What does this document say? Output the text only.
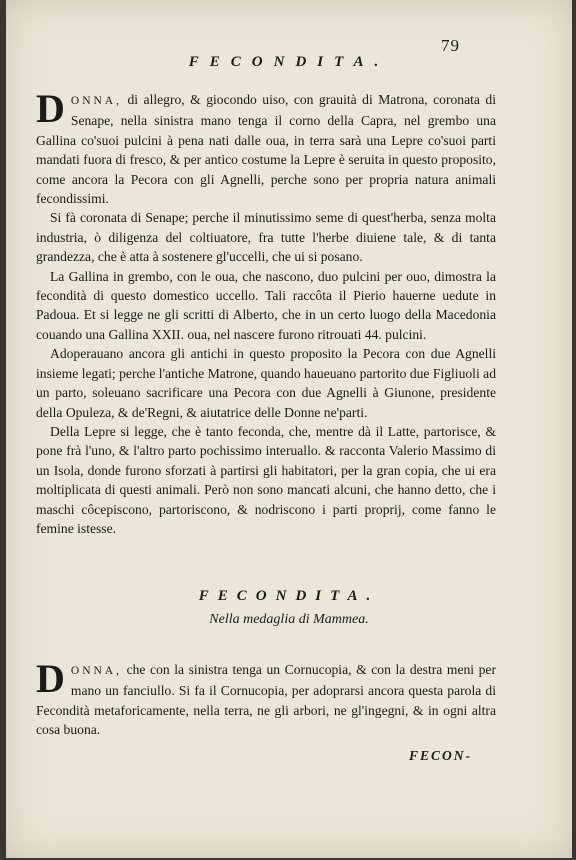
79
FECONDITA.

DONNA, di allegro, & giocondo uiso, con grauità di Matrona, coronata di Senape, nella sinistra mano tenga il corno della Capra, nel grembo una Gallina co'suoi pulcini à pena nati dalle oua, in terra sarà una Lepre co'suoi parti mandati fuora di fresco, & per antico costume la Lepre è seruita in questo proposito, come ancora la Pecora con gli Agnelli, perche sono per propria natura animali fecondissimi.

Si fà coronata di Senape; perche il minutissimo seme di quest'herba, senza molta industria, ò diligenza del coltiuatore, fra tutte l'herbe diuiene tale, & di tanta grandezza, che è atta à sostenere gl'uccelli, che ui si posano.

La Gallina in grembo, con le oua, che nascono, duo pulcini per ouo, dimostra la fecondità di questo domestico uccello. Tali raccôta il Pierio hauerne uedute in Padoua. Et si legge ne gli scritti di Alberto, che in un certo luogo della Macedonia couando una Gallina XXII. oua, nel nascere furono ritrouati 44. pulcini.

Adoperauano ancora gli antichi in questo proposito la Pecora con due Agnelli insieme legati; perche l'antiche Matrone, quando haueuano partorito due Figliuoli ad un parto, soleuano sacrificare una Pecora con due Agnelli à Giunone, presidente della Opuleza, & de'Regni, & aiutatrice delle Donne ne'parti.

Della Lepre si legge, che è tanto feconda, che, mentre dà il Latte, partorisce, & pone frà l'uno, & l'altro parto pochissimo interuallo. & racconta Valerio Massimo di un Isola, donde furono sforzati à partirsi gli habitatori, per la gran copia, che ui era moltiplicata di questi animali. Però non sono mancati alcuni, che hanno detto, che i maschi côcepiscono, partoriscono, & nodriscono i parti proprij, come fanno le femine istesse.

FECONDITA.
Nella medaglia di Mammea.

DONNA, che con la sinistra tenga un Cornucopia, & con la destra meni per mano un fanciullo. Si fa il Cornucopia, per adoprarsi ancora questa parola di Fecondità metaforicamente, nella terra, ne gli arbori, ne gl'ingegni, & in ogni altra cosa buona.

FECON-
